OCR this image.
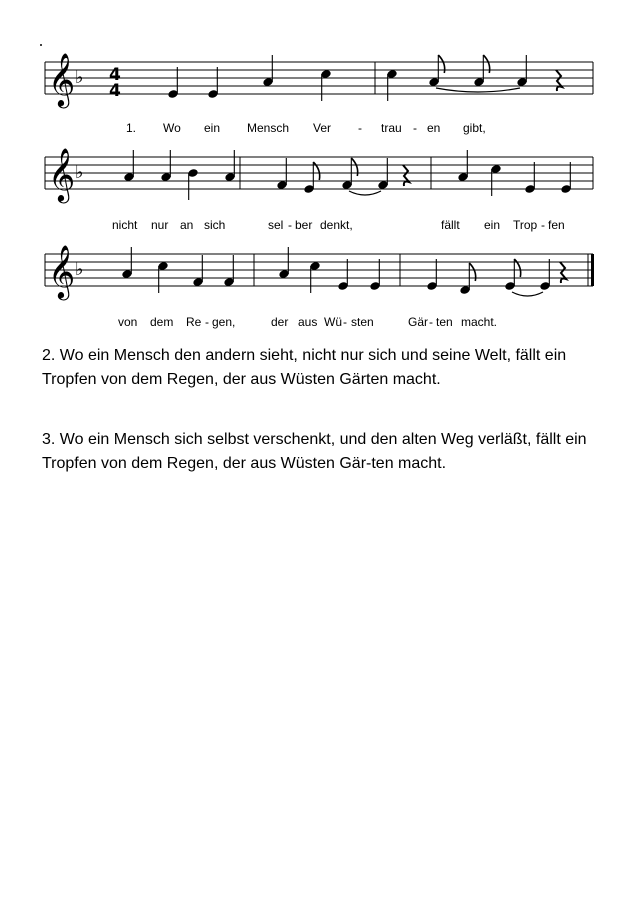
𝄞 ♭
𝄞 ♭
𝄞 ♭
4
4
1. Wo ein Mensch Ver - trau - en gibt,
nicht nur an sich	sel - ber denkt,	fällt ein Trop - fen
von dem Re - gen,	der aus Wü - sten	Gär - ten macht.
2. Wo ein Mensch den andern sieht, nicht nur sich und seine Welt, fällt ein Tropfen von dem Regen, der aus Wüsten Gärten macht.
3. Wo ein Mensch sich selbst verschenkt, und den alten Weg verläßt, fällt ein Tropfen von dem Regen, der aus Wüsten Gär-ten macht.
